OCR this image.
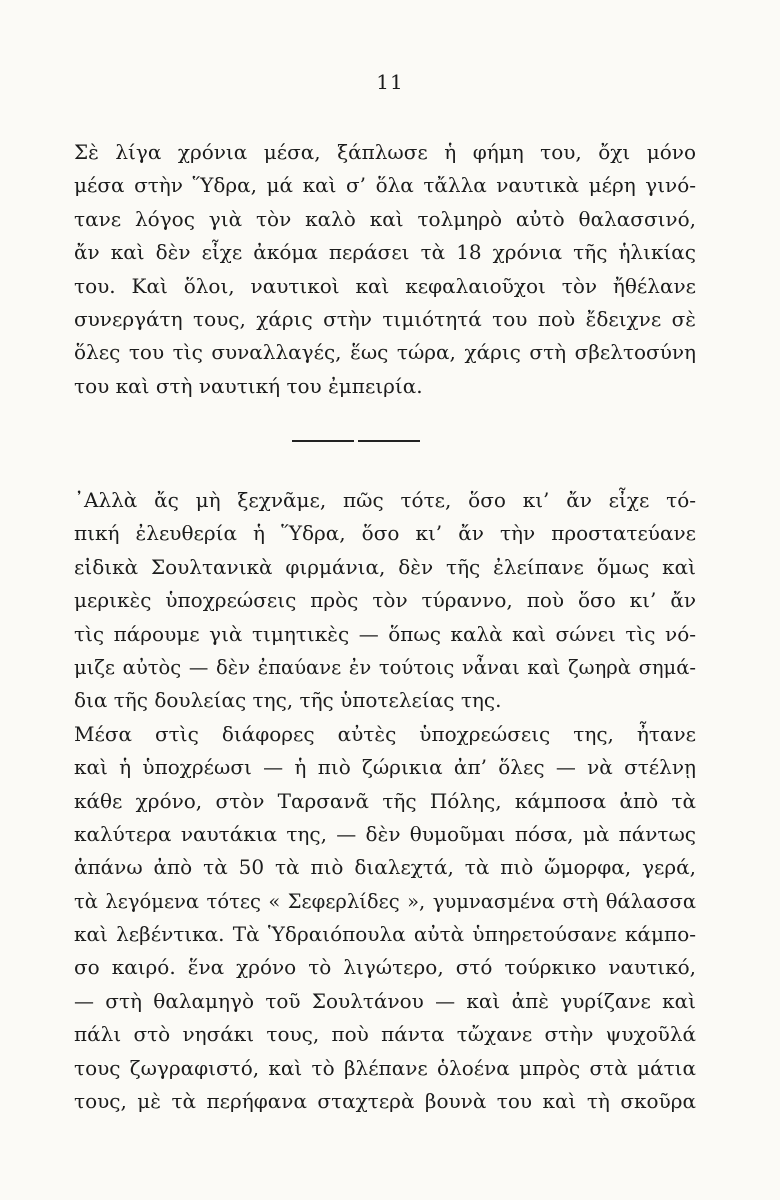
11
Σὲ λίγα χρόνια μέσα, ξάπλωσε ἡ φήμη του, ὄχι μόνο
μέσα στὴν Ὕδρα, μά καὶ σ’ ὅλα τἄλλα ναυτικὰ μέρη γινό-
τανε λόγος γιὰ τὸν καλὸ καὶ τολμηρὸ αὐτὸ θαλασσινό,
ἄν καὶ δὲν εἶχε ἀκόμα περάσει τὰ 18 χρόνια τῆς ἡλικίας
του. Καὶ ὅλοι, ναυτικοὶ καὶ κεφαλαιοῦχοι τὸν ἤθέλανε
συνεργάτη τους, χάρις στὴν τιμιότητά του ποὺ ἔδειχνε σὲ
ὅλες του τὶς συναλλαγές, ἕως τώρα, χάρις στὴ σβελτοσύνη
του καὶ στὴ ναυτική του ἐμπειρία.
᾿Αλλὰ ἄς μὴ ξεχνᾶμε, πῶς τότε, ὅσο κι’ ἄν εἶχε τό-
πική ἐλευθερία ἡ Ὕδρα, ὅσο κι’ ἄν τὴν προστατεύανε
εἰδικὰ Σουλτανικὰ φιρμάνια, δὲν τῆς ἐλείπανε ὅμως καὶ
μερικὲς ὑποχρεώσεις πρὸς τὸν τύραννο, ποὺ ὅσο κι’ ἄν
τὶς πάρουμε γιὰ τιμητικὲς — ὅπως καλὰ καὶ σώνει τὶς νό-
μιζε αὐτὸς — δὲν ἐπαύανε ἐν τούτοις νἆναι καὶ ζωηρὰ σημά-
δια τῆς δουλείας της, τῆς ὑποτελείας της.
Μέσα στὶς διάφορες αὐτὲς ὑποχρεώσεις της, ἦτανε
καὶ ἡ ὑποχρέωσι — ἡ πιὸ ζώρικια ἀπ’ ὅλες — νὰ στέλνῃ
κάθε χρόνο, στὸν Ταρσανᾶ τῆς Πόλης, κάμποσα ἀπὸ τὰ
καλύτερα ναυτάκια της, — δὲν θυμοῦμαι πόσα, μὰ πάντως
ἀπάνω ἀπὸ τὰ 50 τὰ πιὸ διαλεχτά, τὰ πιὸ ὤμορφα, γερά,
τὰ λεγόμενα τότες « Σεφερλίδες », γυμνασμένα στὴ θάλασσα
καὶ λεβέντικα. Τὰ Ὑδραιόπουλα αὐτὰ ὑπηρετούσανε κάμπο-
σο καιρό. ἕνα χρόνο τὸ λιγώτερο, στό τούρκικο ναυτικό,
— στὴ θαλαμηγὸ τοῦ Σουλτάνου — καὶ ἀπὲ γυρίζανε καὶ
πάλι στὸ νησάκι τους, ποὺ πάντα τὤχανε στὴν ψυχοῦλά
τους ζωγραφιστό, καὶ τὸ βλέπανε ὁλοένα μπρὸς στὰ μάτια
τους, μὲ τὰ περήφανα σταχτερὰ βουνὰ του καὶ τὴ σκοῦρα
